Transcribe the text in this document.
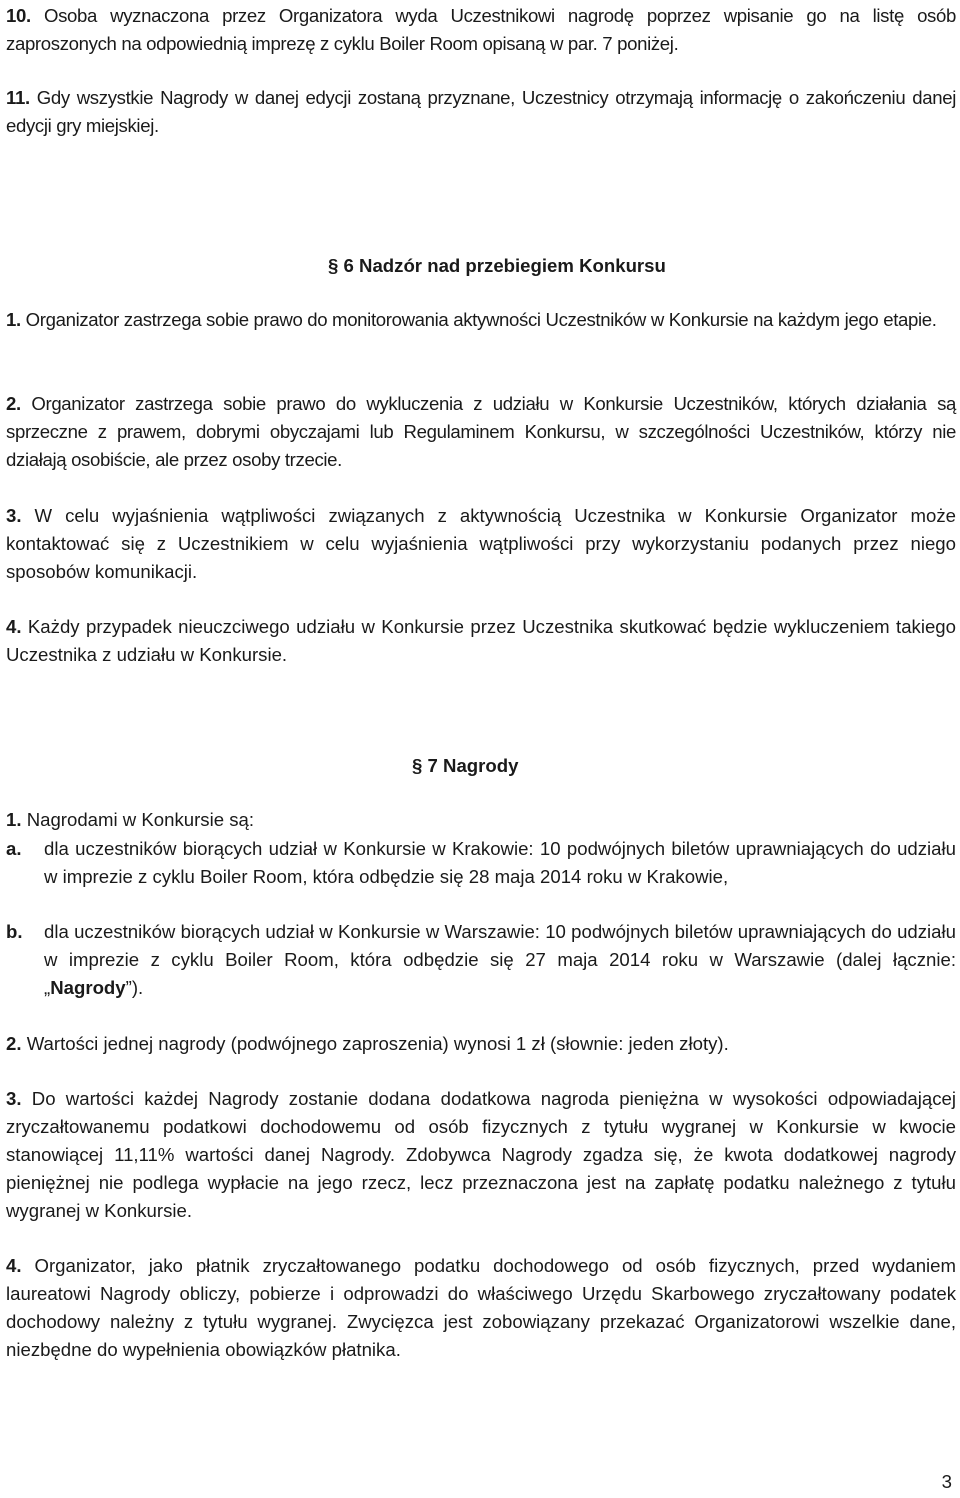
10. Osoba wyznaczona przez Organizatora wyda Uczestnikowi nagrodę poprzez wpisanie go na listę osób zaproszonych na odpowiednią imprezę z cyklu Boiler Room opisaną w par. 7 poniżej.
11. Gdy wszystkie Nagrody w danej edycji zostaną przyznane, Uczestnicy otrzymają informację o zakończeniu danej edycji gry miejskiej.
§ 6 Nadzór nad przebiegiem Konkursu
1. Organizator zastrzega sobie prawo do monitorowania aktywności Uczestników w Konkursie na każdym jego etapie.
2. Organizator zastrzega sobie prawo do wykluczenia z udziału w Konkursie Uczestników, których działania są sprzeczne z prawem, dobrymi obyczajami lub Regulaminem Konkursu, w szczególności Uczestników, którzy nie działają osobiście, ale przez osoby trzecie.
3. W celu wyjaśnienia wątpliwości związanych z aktywnością Uczestnika w Konkursie Organizator może kontaktować się z Uczestnikiem w celu wyjaśnienia wątpliwości przy wykorzystaniu podanych przez niego sposobów komunikacji.
4. Każdy przypadek nieuczciwego udziału w Konkursie przez Uczestnika skutkować będzie wykluczeniem takiego Uczestnika z udziału w Konkursie.
§ 7 Nagrody
1. Nagrodami w Konkursie są:
a. dla uczestników biorących udział w Konkursie w Krakowie: 10 podwójnych biletów uprawniających do udziału w imprezie z cyklu Boiler Room, która odbędzie się 28 maja 2014 roku w Krakowie,
b. dla uczestników biorących udział w Konkursie w Warszawie: 10 podwójnych biletów uprawniających do udziału w imprezie z cyklu Boiler Room, która odbędzie się 27 maja 2014 roku w Warszawie (dalej łącznie: „Nagrody”).
2. Wartości jednej nagrody (podwójnego zaproszenia) wynosi 1 zł (słownie: jeden złoty).
3. Do wartości każdej Nagrody zostanie dodana dodatkowa nagroda pieniężna w wysokości odpowiadającej zryczałtowanemu podatkowi dochodowemu od osób fizycznych z tytułu wygranej w Konkursie w kwocie stanowiącej 11,11% wartości danej Nagrody. Zdobywca Nagrody zgadza się, że kwota dodatkowej nagrody pieniężnej nie podlega wypłacie na jego rzecz, lecz przeznaczona jest na zapłatę podatku należnego z tytułu wygranej w Konkursie.
4. Organizator, jako płatnik zryczałtowanego podatku dochodowego od osób fizycznych, przed wydaniem laureatowi Nagrody obliczy, pobierze i odprowadzi do właściwego Urzędu Skarbowego zryczałtowany podatek dochodowy należny z tytułu wygranej. Zwycięzca jest zobowiązany przekazać Organizatorowi wszelkie dane, niezbędne do wypełnienia obowiązków płatnika.
3
